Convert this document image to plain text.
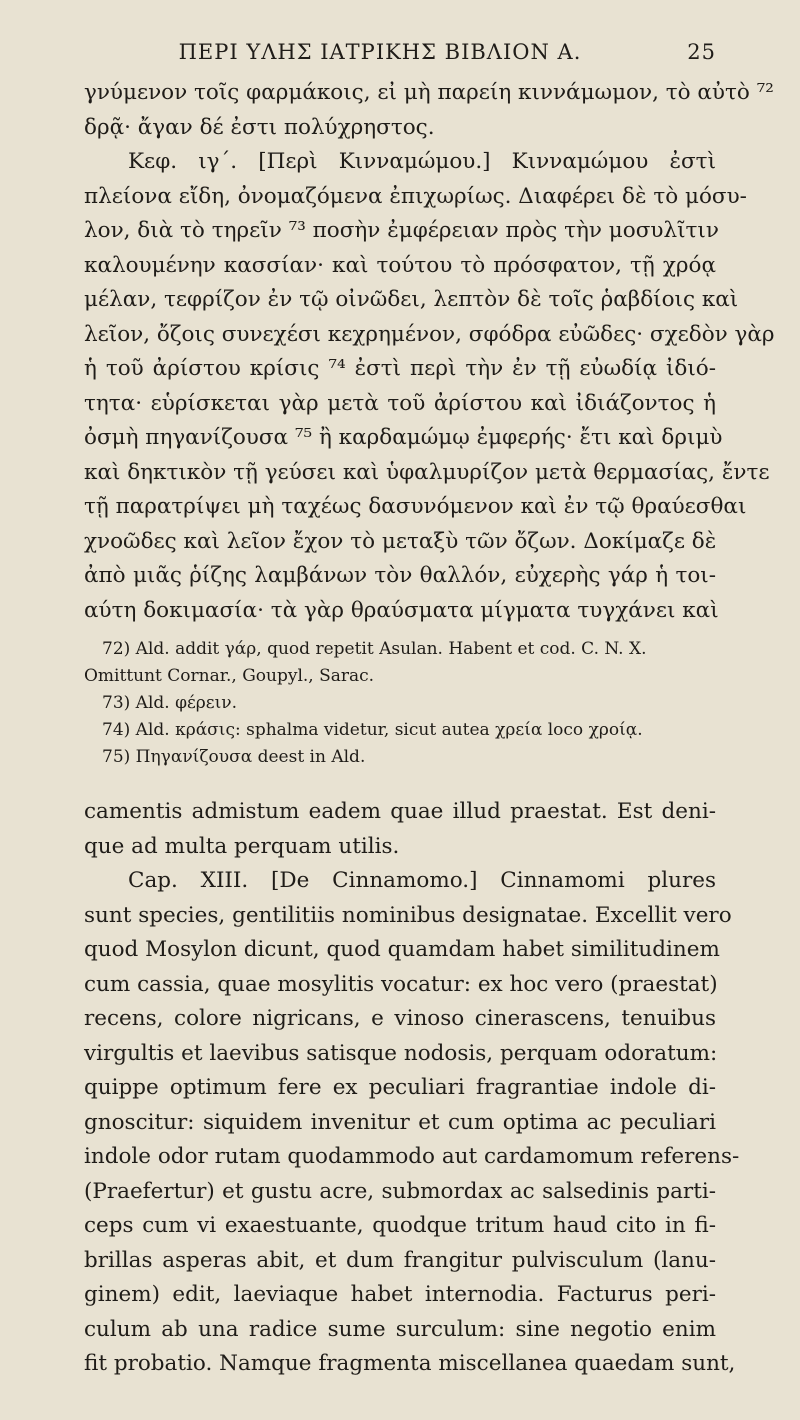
ΠΕΡΙ ΥΛΗΣ ΙΑΤΡΙΚΗΣ ΒΙΒΛΙΟΝ Α.	25
γνύμενον τοῖς φαρμάκοις, εἰ μὴ παρείη κιννάμωμον, τὸ αὐτὸ ⁷²
δρᾷ· ἄγαν δέ ἐστι πολύχρηστος.
Κεφ. ιγ΄. [Περὶ Κινναμώμου.] Κινναμώμου ἐστὶ
πλείονα εἴδη, ὀνομαζόμενα ἐπιχωρίως. Διαφέρει δὲ τὸ μόσυ-
λον, διὰ τὸ τηρεῖν ⁷³ ποσὴν ἐμφέρειαν πρὸς τὴν μοσυλῖτιν
καλουμένην κασσίαν· καὶ τούτου τὸ πρόσφατον, τῇ χρόᾳ
μέλαν, τεφρίζον ἐν τῷ οἰνῶδει, λεπτὸν δὲ τοῖς ῥαβδίοις καὶ
λεῖον, ὄζοις συνεχέσι κεχρημένον, σφόδρα εὐῶδες· σχεδὸν γὰρ
ἡ τοῦ ἀρίστου κρίσις ⁷⁴ ἐστὶ περὶ τὴν ἐν τῇ εὐωδίᾳ ἰδιό-
τητα· εὑρίσκεται γὰρ μετὰ τοῦ ἀρίστου καὶ ἰδιάζοντος ἡ
ὀσμὴ πηγανίζουσα ⁷⁵ ἢ καρδαμώμῳ ἐμφερής· ἔτι καὶ δριμὺ
καὶ δηκτικὸν τῇ γεύσει καὶ ὑφαλμυρίζον μετὰ θερμασίας, ἔντε
τῇ παρατρίψει μὴ ταχέως δασυνόμενον καὶ ἐν τῷ θραύεσθαι
χνοῶδες καὶ λεῖον ἔχον τὸ μεταξὺ τῶν ὄζων. Δοκίμαζε δὲ
ἀπὸ μιᾶς ῥίζης λαμβάνων τὸν θαλλόν, εὐχερὴς γάρ ἡ τοι-
αύτη δοκιμασία· τὰ γὰρ θραύσματα μίγματα τυγχάνει καὶ
72) Ald. addit γάρ, quod repetit Asulan. Habent et cod. C. N. X.
Omittunt Cornar., Goupyl., Sarac.
73) Ald. φέρειν.
74) Ald. κράσις: sphalma videtur, sicut autea χρεία loco χροίᾳ.
75) Πηγανίζουσα deest in Ald.
camentis admistum eadem quae illud praestat. Est deni-
que ad multa perquam utilis.
Cap. XIII. [De Cinnamomo.] Cinnamomi plures
sunt species, gentilitiis nominibus designatae. Excellit vero
quod Mosylon dicunt, quod quamdam habet similitudinem
cum cassia, quae mosylitis vocatur: ex hoc vero (praestat)
recens, colore nigricans, e vinoso cinerascens, tenuibus
virgultis et laevibus satisque nodosis, perquam odoratum:
quippe optimum fere ex peculiari fragrantiae indole di-
gnoscitur: siquidem invenitur et cum optima ac peculiari
indole odor rutam quodammodo aut cardamomum referens-
(Praefertur) et gustu acre, submordax ac salsedinis parti-
ceps cum vi exaestuante, quodque tritum haud cito in fi-
brillas asperas abit, et dum frangitur pulvisculum (lanu-
ginem) edit, laeviaque habet internodia. Facturus peri-
culum ab una radice sume surculum: sine negotio enim
fit probatio. Namque fragmenta miscellanea quaedam sunt,
